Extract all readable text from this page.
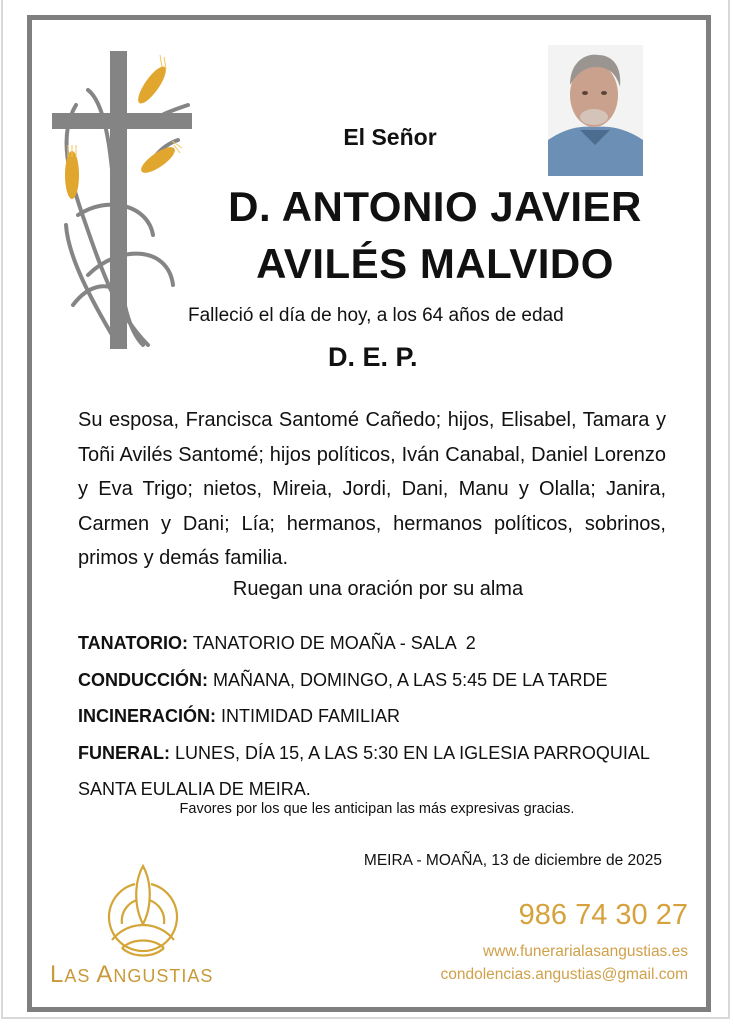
El Señor
D. ANTONIO JAVIER
AVILÉS MALVIDO
Falleció el día de hoy, a los 64 años de edad
D. E. P.
Su esposa, Francisca Santomé Cañedo; hijos, Elisabel, Tamara y Toñi Avilés Santomé; hijos políticos, Iván Canabal, Daniel Lorenzo y Eva Trigo; nietos, Mireia, Jordi, Dani, Manu y Olalla; Janira, Carmen y Dani; Lía; hermanos, hermanos políticos, sobrinos, primos y demás familia.
Ruegan una oración por su alma
TANATORIO: TANATORIO DE MOAÑA - SALA  2
CONDUCCIÓN: MAÑANA, DOMINGO, A LAS 5:45 DE LA TARDE
INCINERACIÓN: INTIMIDAD FAMILIAR
FUNERAL: LUNES, DÍA 15, A LAS 5:30 EN LA IGLESIA PARROQUIAL
SANTA EULALIA DE MEIRA.
Favores por los que les anticipan las más expresivas gracias.
MEIRA - MOAÑA, 13 de diciembre de 2025
986 74 30 27
www.funerarialasangustias.es
condolencias.angustias@gmail.com
LAS ANGUSTIAS
